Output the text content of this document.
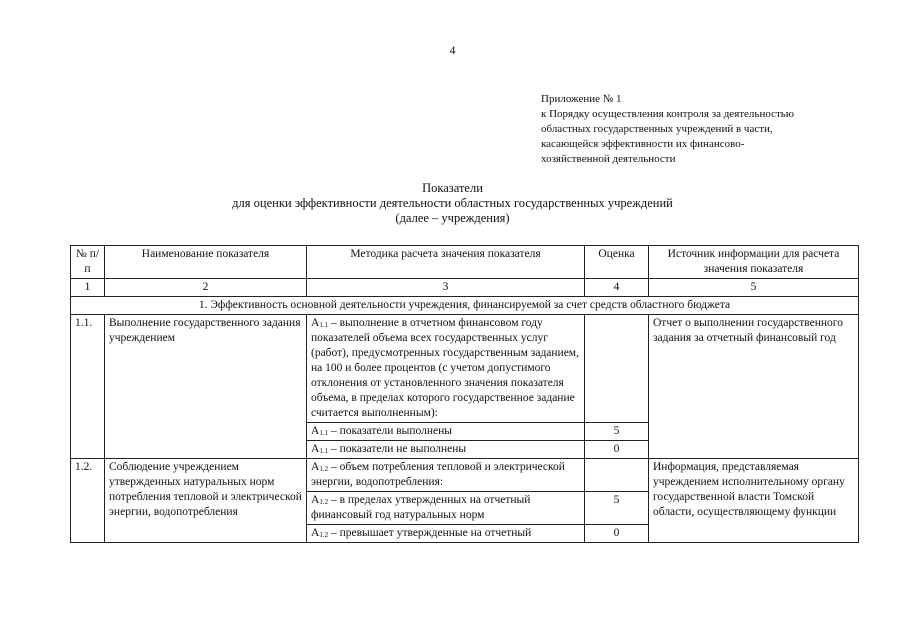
4
Приложение № 1
к Порядку осуществления контроля за деятельностью
областных государственных учреждений в части,
касающейся эффективности их финансово-
хозяйственной деятельности
Показатели
для оценки эффективности деятельности областных государственных учреждений
(далее – учреждения)
№ п/п	Наименование показателя	Методика расчета значения показателя	Оценка	Источник информации для расчета значения показателя
1	2	3	4	5
1. Эффективность основной деятельности учреждения, финансируемой за счет средств областного бюджета				
1.1.	Выполнение государственного задания учреждением	$A_{1.1}$ – выполнение в отчетном финансовом году показателей объема всех государственных услуг (работ), предусмотренных государственным заданием, на 100 и более процентов (с учетом допустимого отклонения от установленного значения показателя объема, в пределах которого государственное задание считается выполненным):		Отчет о выполнении государственного задания за отчетный финансовый год
		$A_{1.1}$ – показатели выполнены	5	
		$A_{1.1}$ – показатели не выполнены	0	
1.2.	Соблюдение учреждением утвержденных натуральных норм потребления тепловой и электрической энергии, водопотребления	$A_{1.2}$ – объем потребления тепловой и электрической энергии, водопотребления:		Информация, представляемая учреждением исполнительному органу государственной власти Томской области, осуществляющему функции
		$A_{1.2}$ – в пределах утвержденных на отчетный финансовый год натуральных норм	5	
		$A_{1.2}$ – превышает утвержденные на отчетный	0	
